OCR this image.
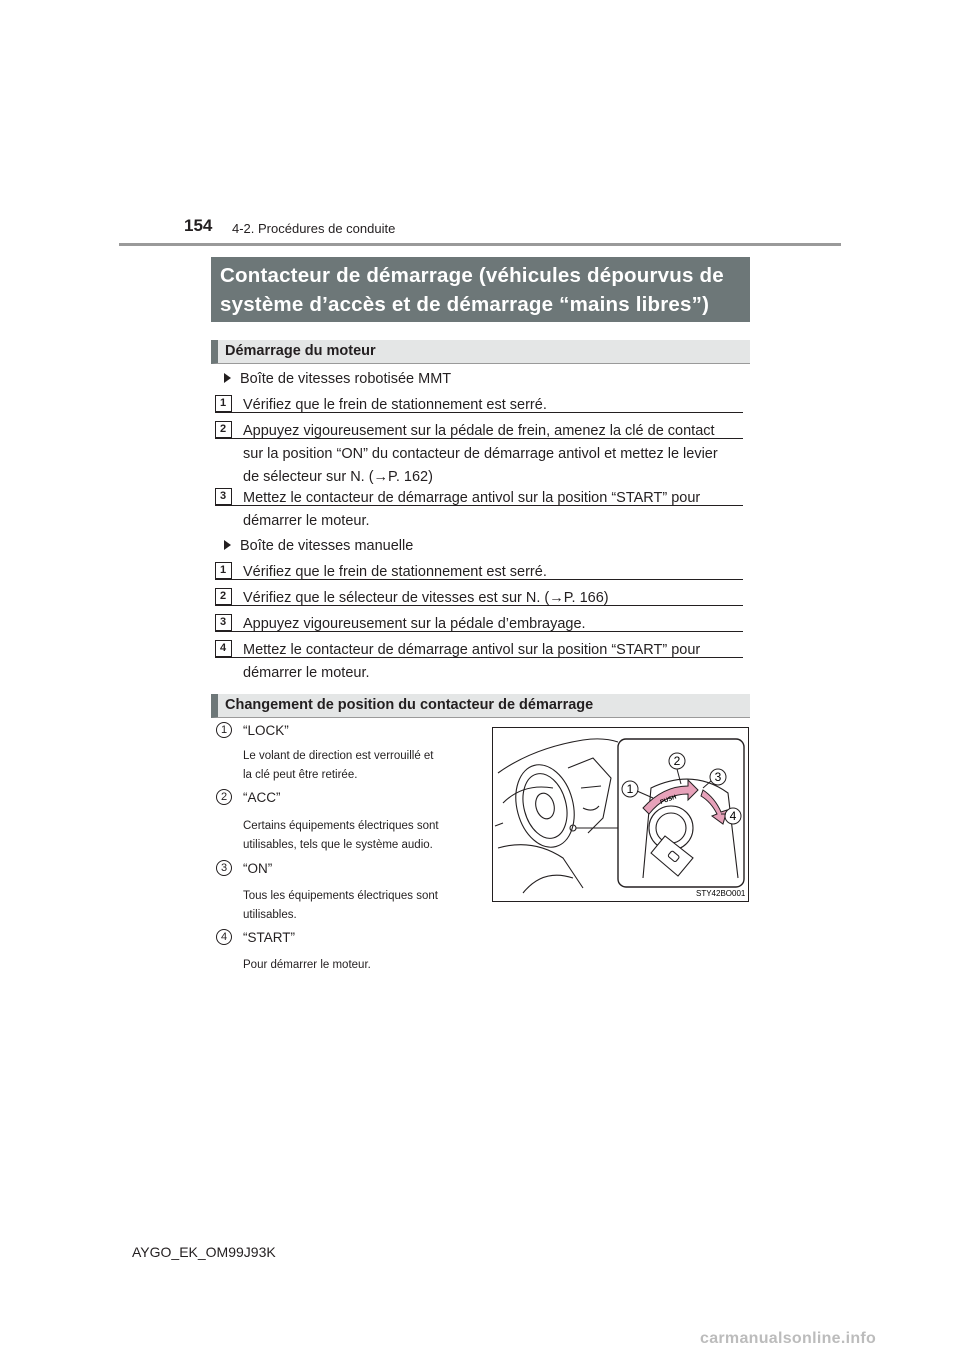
154 4-2. Procédures de conduite
Contacteur de démarrage (véhicules dépourvus de
système d’accès et de démarrage “mains libres”)
Démarrage du moteur
Boîte de vitesses robotisée MMT
1 Vérifiez que le frein de stationnement est serré.
2 Appuyez vigoureusement sur la pédale de frein, amenez la clé de contact
sur la position “ON” du contacteur de démarrage antivol et mettez le levier
de sélecteur sur N. (→P. 162)
3 Mettez le contacteur de démarrage antivol sur la position “START” pour
démarrer le moteur.
Boîte de vitesses manuelle
1 Vérifiez que le frein de stationnement est serré.
2 Vérifiez que le sélecteur de vitesses est sur N. (→P. 166)
3 Appuyez vigoureusement sur la pédale d’embrayage.
4 Mettez le contacteur de démarrage antivol sur la position “START” pour
démarrer le moteur.
Changement de position du contacteur de démarrage
1	“LOCK”
Le volant de direction est verrouillé et
la clé peut être retirée.
2	“ACC”
Certains équipements électriques sont
utilisables, tels que le système audio.
3	“ON”
Tous les équipements électriques sont
utilisables.
4	“START”
Pour démarrer le moteur.
PUSH
1
2
3
4
STY42BO001
AYGO_EK_OM99J93K
carmanualsonline.info
